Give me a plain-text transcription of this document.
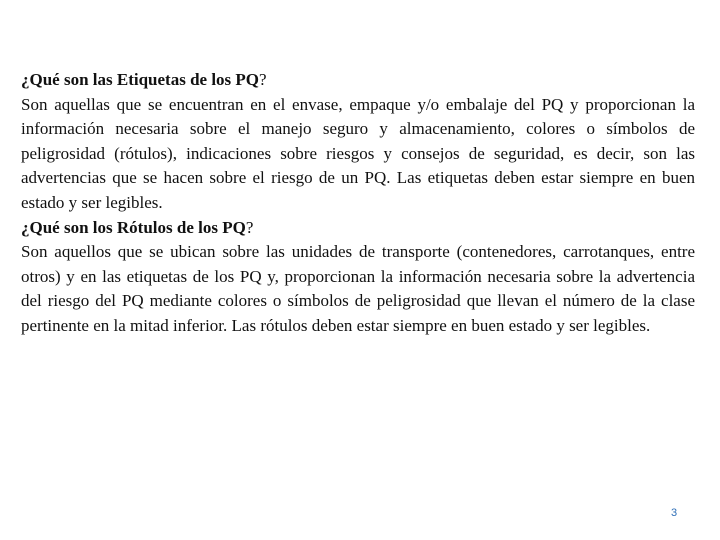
¿Qué son las Etiquetas de los PQ?

Son aquellas que se encuentran en el envase, empaque y/o embalaje del PQ y proporcionan la información necesaria sobre el manejo seguro y almacenamiento, colores o símbolos de peligrosidad (rótulos), indicaciones sobre riesgos y consejos de seguridad, es decir, son las advertencias que se hacen sobre el riesgo de un PQ. Las etiquetas deben estar siempre en buen estado y ser legibles.

¿Qué son los Rótulos de los PQ?

Son aquellos que se ubican sobre las unidades de transporte (contenedores, carrotanques, entre otros) y en las etiquetas de los PQ y, proporcionan la información necesaria sobre la advertencia del riesgo del PQ mediante colores o símbolos de peligrosidad que llevan el número de la clase pertinente en la mitad inferior. Las rótulos deben estar siempre en buen estado y ser legibles.

3
